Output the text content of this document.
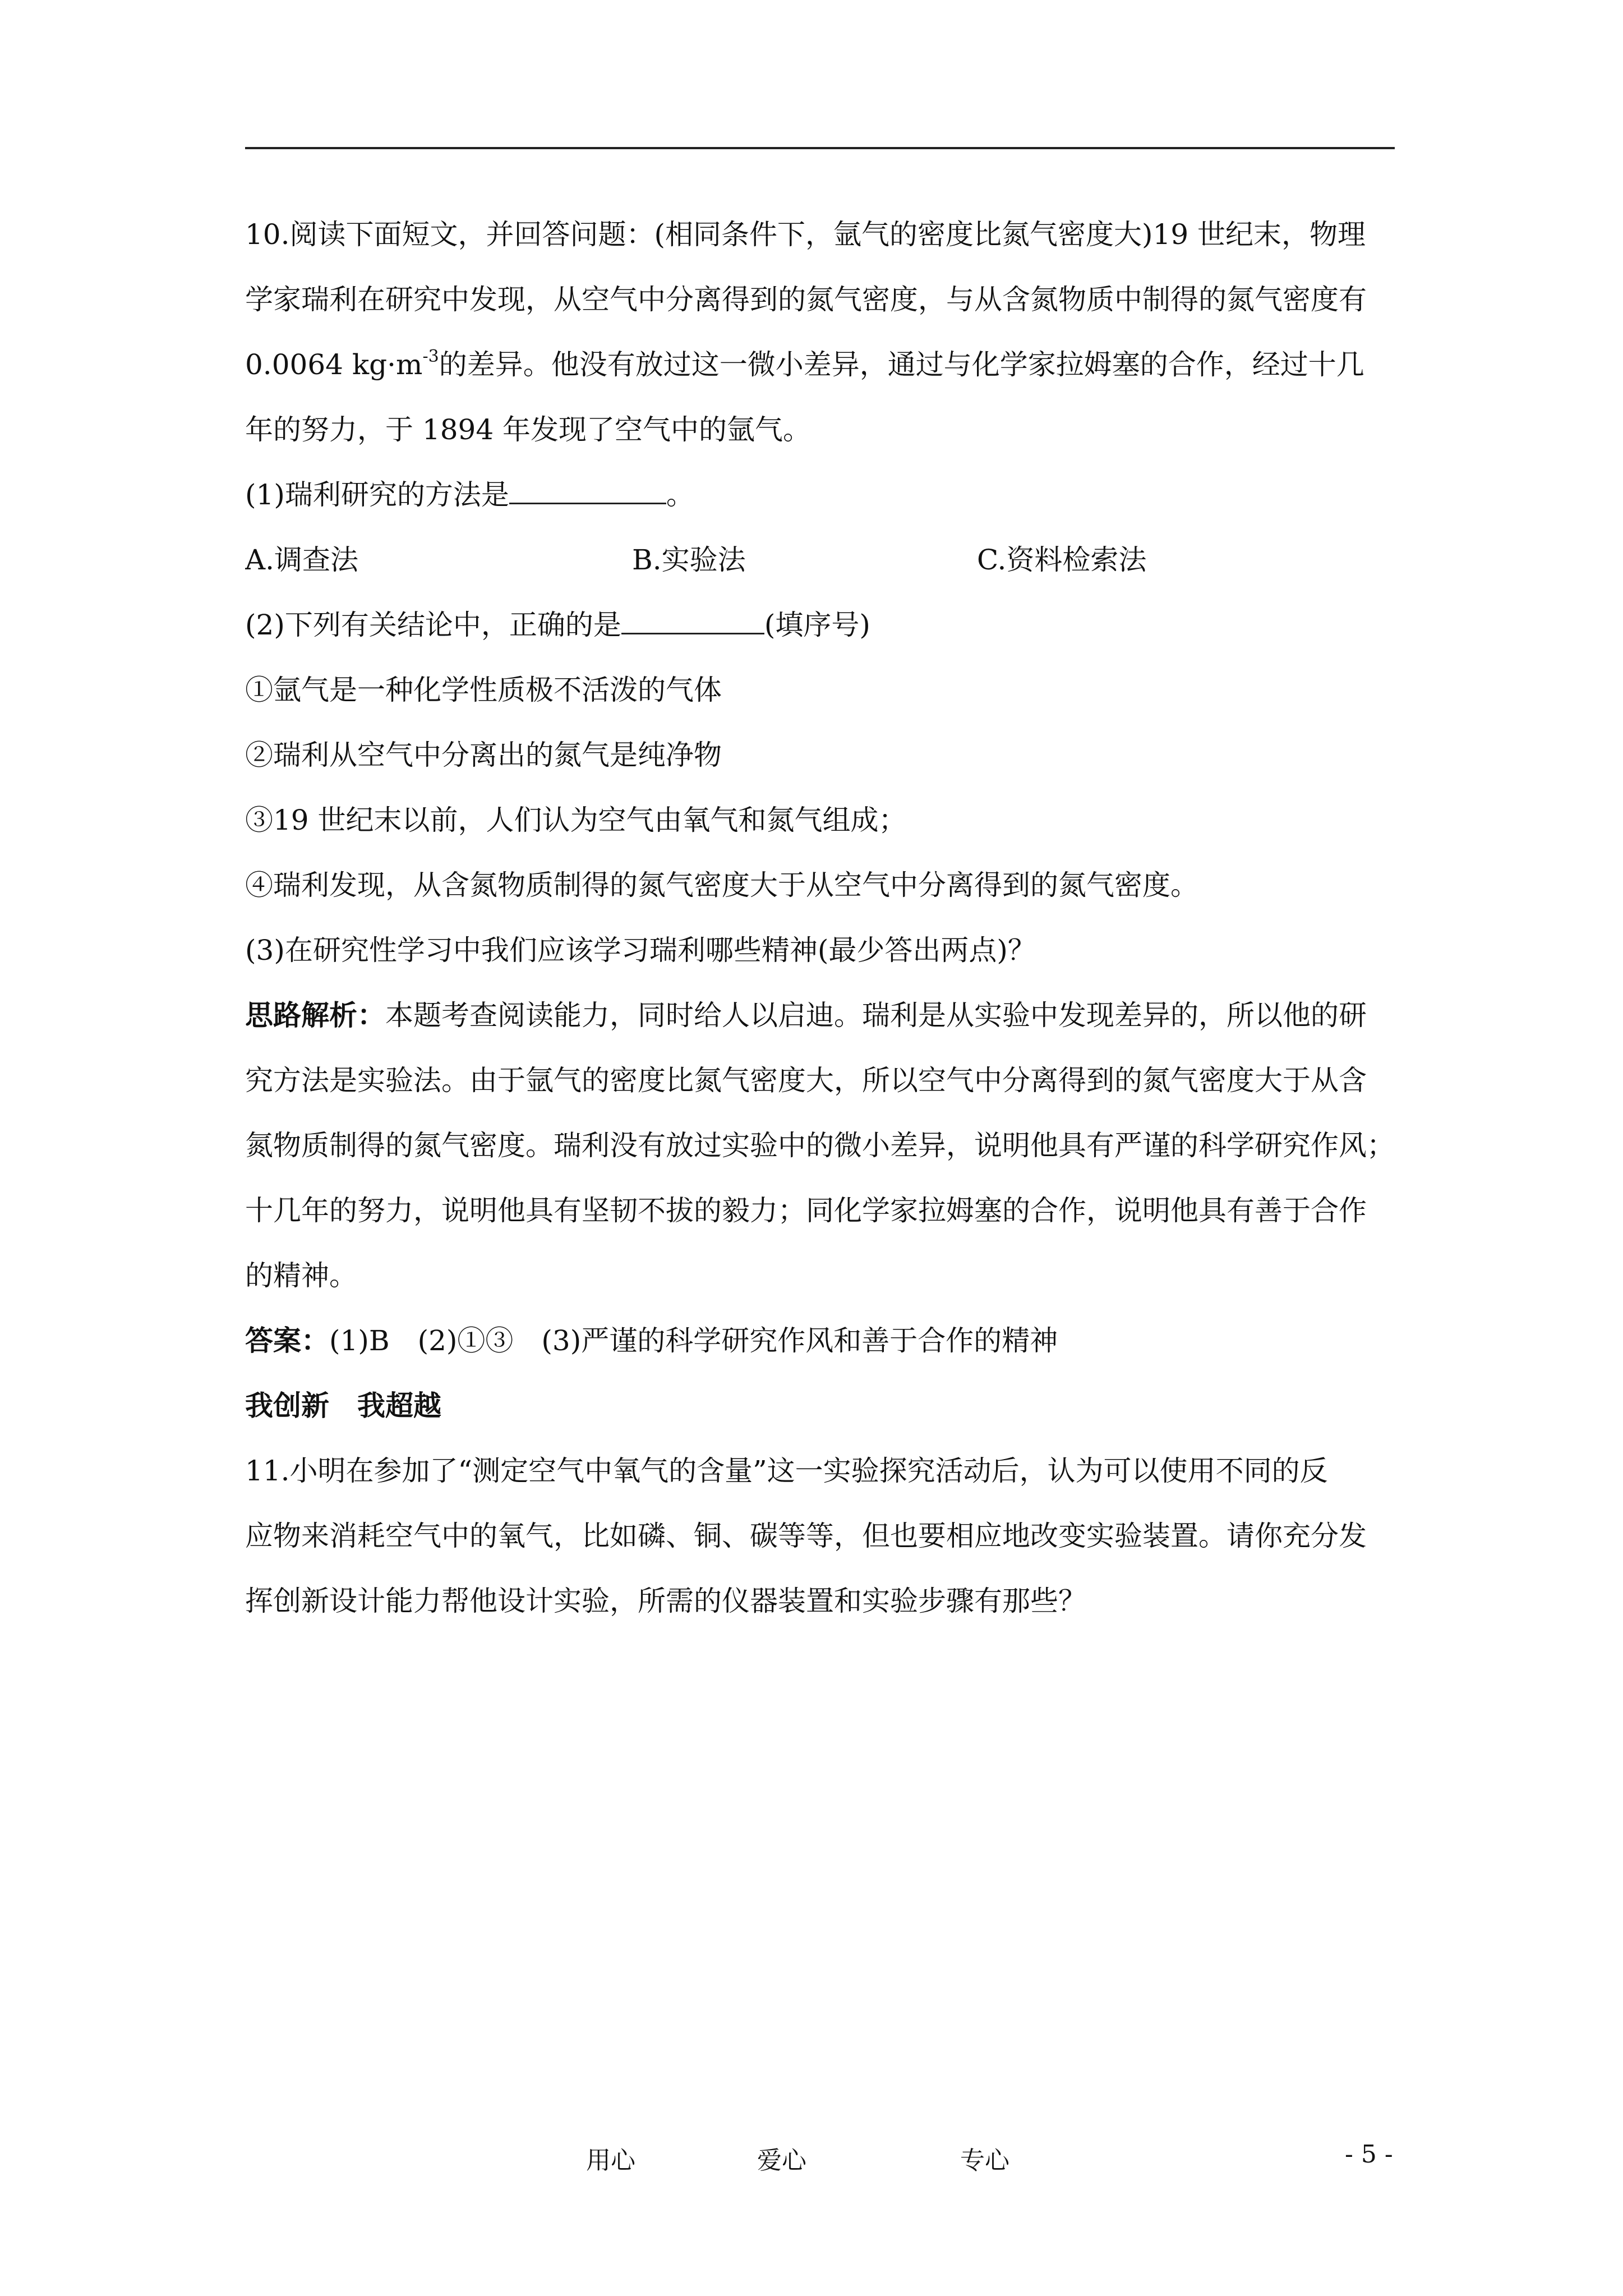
10.阅读下面短文，并回答问题：(相同条件下，氩气的密度比氮气密度大)19 世纪末，物理
学家瑞利在研究中发现，从空气中分离得到的氮气密度，与从含氮物质中制得的氮气密度有
0.0064 $kg\cdot m^{-3}$的差异。他没有放过这一微小差异，通过与化学家拉姆塞的合作，经过十几
年的努力，于 1894 年发现了空气中的氩气。
(1)瑞利研究的方法是	。
A.调查法	B.实验法	C.资料检索法
(2)下列有关结论中，正确的是	(填序号)
①氩气是一种化学性质极不活泼的气体
②瑞利从空气中分离出的氮气是纯净物
③19 世纪末以前，人们认为空气由氧气和氮气组成；
④瑞利发现，从含氮物质制得的氮气密度大于从空气中分离得到的氮气密度。
(3)在研究性学习中我们应该学习瑞利哪些精神(最少答出两点)？
思路解析：本题考查阅读能力，同时给人以启迪。瑞利是从实验中发现差异的，所以他的研
究方法是实验法。由于氩气的密度比氮气密度大，所以空气中分离得到的氮气密度大于从含
氮物质制得的氮气密度。瑞利没有放过实验中的微小差异，说明他具有严谨的科学研究作风；
十几年的努力，说明他具有坚韧不拔的毅力；同化学家拉姆塞的合作，说明他具有善于合作
的精神。
答案：(1)B　(2)①③　(3)严谨的科学研究作风和善于合作的精神
我创新　我超越
11.小明在参加了“测定空气中氧气的含量”这一实验探究活动后，认为可以使用不同的反
应物来消耗空气中的氧气，比如磷、铜、碳等等，但也要相应地改变实验装置。请你充分发
挥创新设计能力帮他设计实验，所需的仪器装置和实验步骤有那些？
用心	爱心	专心	- 5 -
